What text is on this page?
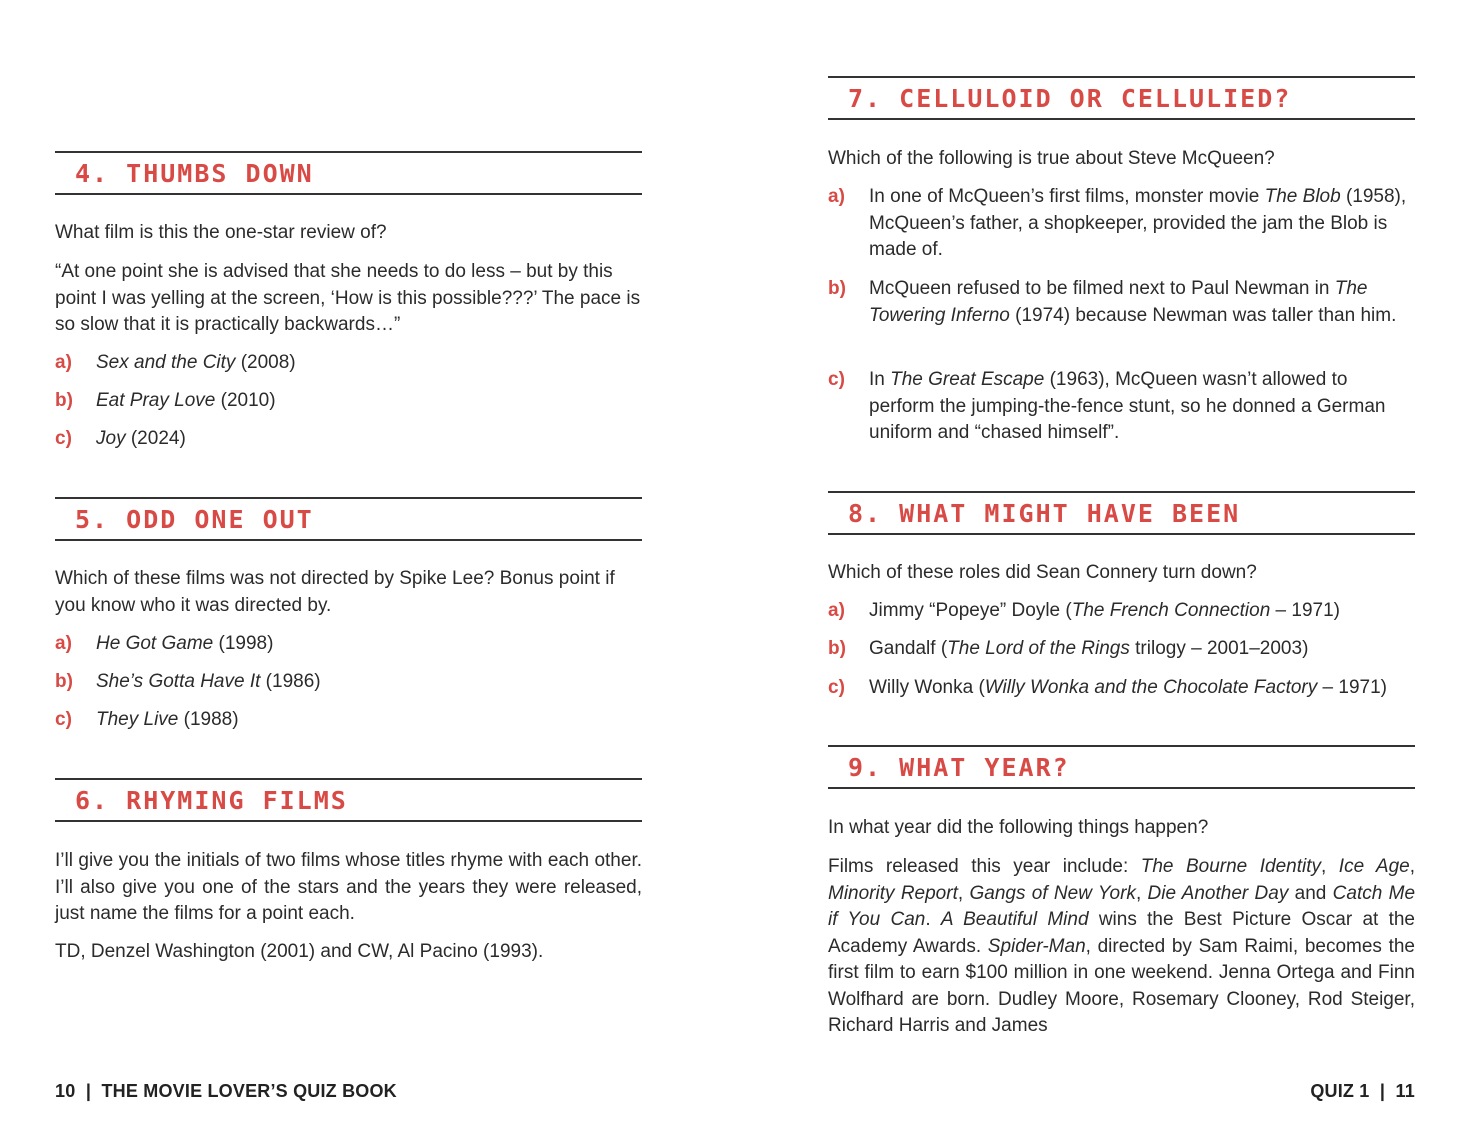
4. THUMBS DOWN

What film is this the one-star review of?

“At one point she is advised that she needs to do less – but by this point I was yelling at the screen, ‘How is this possible???’ The pace is so slow that it is practically backwards…”

a) Sex and the City (2008)
b) Eat Pray Love (2010)
c) Joy (2024)
5. ODD ONE OUT

Which of these films was not directed by Spike Lee? Bonus point if you know who it was directed by.

a) He Got Game (1998)
b) She’s Gotta Have It (1986)
c) They Live (1988)
6. RHYMING FILMS

I’ll give you the initials of two films whose titles rhyme with each other. I’ll also give you one of the stars and the years they were released, just name the films for a point each.

TD, Denzel Washington (2001) and CW, Al Pacino (1993).

7. CELLULOID OR CELLULIED?

Which of the following is true about Steve McQueen?

a) In one of McQueen’s first films, monster movie The Blob (1958), McQueen’s father, a shopkeeper, provided the jam the Blob is made of.
b) McQueen refused to be filmed next to Paul Newman in The Towering Inferno (1974) because Newman was taller than him.
c) In The Great Escape (1963), McQueen wasn’t allowed to perform the jumping-the-fence stunt, so he donned a German uniform and “chased himself”.
8. WHAT MIGHT HAVE BEEN

Which of these roles did Sean Connery turn down?

a) Jimmy “Popeye” Doyle (The French Connection – 1971)
b) Gandalf (The Lord of the Rings trilogy – 2001–2003)
c) Willy Wonka (Willy Wonka and the Chocolate Factory – 1971)
9. WHAT YEAR?

In what year did the following things happen?

Films released this year include: The Bourne Identity, Ice Age, Minority Report, Gangs of New York, Die Another Day and Catch Me if You Can. A Beautiful Mind wins the Best Picture Oscar at the Academy Awards. Spider-Man, directed by Sam Raimi, becomes the first film to earn $100 million in one weekend. Jenna Ortega and Finn Wolfhard are born. Dudley Moore, Rosemary Clooney, Rod Steiger, Richard Harris and James

10  |  THE MOVIE LOVER’S QUIZ BOOK	QUIZ 1  |  11
